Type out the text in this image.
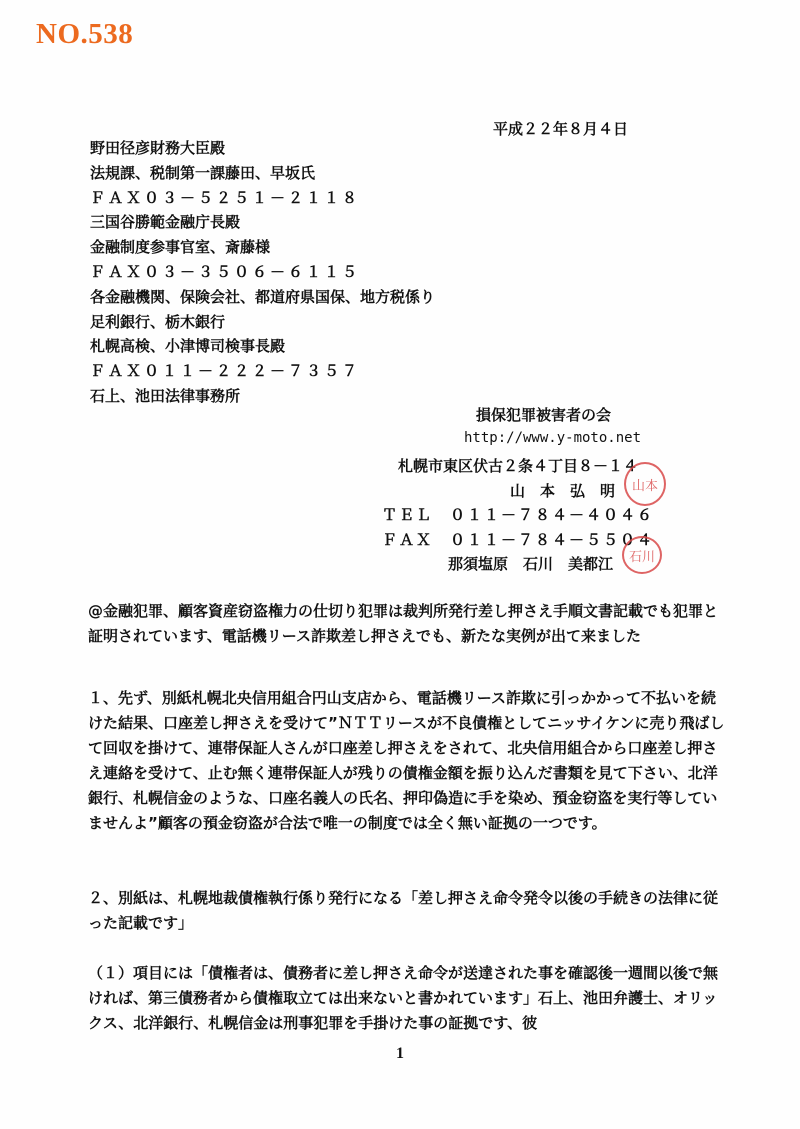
NO.538
平成２２年８月４日
野田径彦財務大臣殿
法規課、税制第一課藤田、早坂氏
ＦＡＸ０３－５２５１－２１１８
三国谷勝範金融庁長殿
金融制度参事官室、斎藤様
ＦＡＸ０３－３５０６－６１１５
各金融機関、保険会社、都道府県国保、地方税係り
足利銀行、栃木銀行
札幌高検、小津博司検事長殿
ＦＡＸ０１１－２２２－７３５７
石上、池田法律事務所
損保犯罪被害者の会
http://www.y-moto.net
札幌市東区伏古２条４丁目８－１４
山　本　弘　明
ＴＥＬ　０１１－７８４－４０４６
ＦＡＸ　０１１－７８４－５５０４
那須塩原　石川　美都江
山本
石川
@金融犯罪、顧客資産窃盗権力の仕切り犯罪は裁判所発行差し押さえ手順文書記載でも犯罪と証明されています、電話機リース詐欺差し押さえでも、新たな実例が出て来ました
１、先ず、別紙札幌北央信用組合円山支店から、電話機リース詐欺に引っかかって不払いを続けた結果、口座差し押さえを受けて”ＮＴＴリースが不良債権としてニッサイケンに売り飛ばして回収を掛けて、連帯保証人さんが口座差し押さえをされて、北央信用組合から口座差し押さえ連絡を受けて、止む無く連帯保証人が残りの債権金額を振り込んだ書類を見て下さい、北洋銀行、札幌信金のような、口座名義人の氏名、押印偽造に手を染め、預金窃盗を実行等していませんよ”顧客の預金窃盗が合法で唯一の制度では全く無い証拠の一つです。
２、別紙は、札幌地裁債権執行係り発行になる「差し押さえ命令発令以後の手続きの法律に従った記載です」
（１）項目には「債権者は、債務者に差し押さえ命令が送達された事を確認後一週間以後で無ければ、第三債務者から債権取立ては出来ないと書かれています」石上、池田弁護士、オリックス、北洋銀行、札幌信金は刑事犯罪を手掛けた事の証拠です、彼
1
